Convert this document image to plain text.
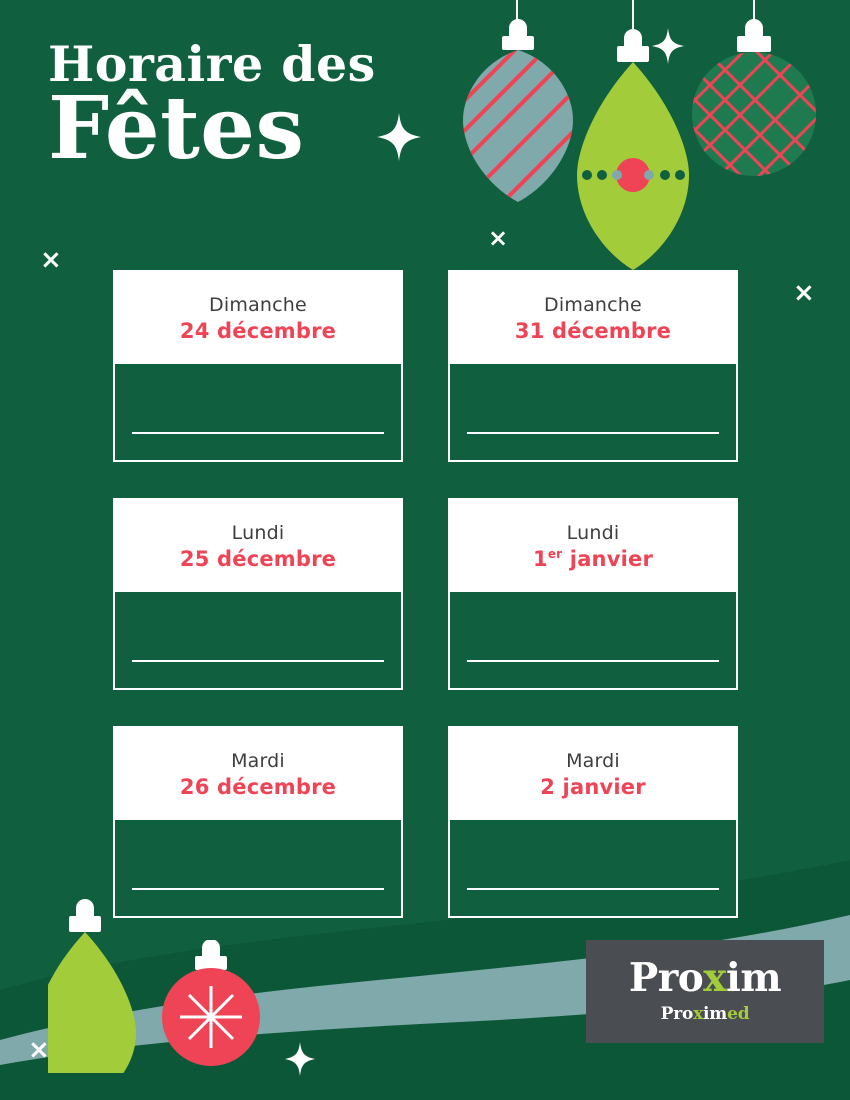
Horaire des
Fêtes
×
×
×
×
Dimanche
24 décembre
Dimanche
31 décembre
Lundi
25 décembre
Lundi
1er janvier
Mardi
26 décembre
Mardi
2 janvier
Proxim
Proximed
